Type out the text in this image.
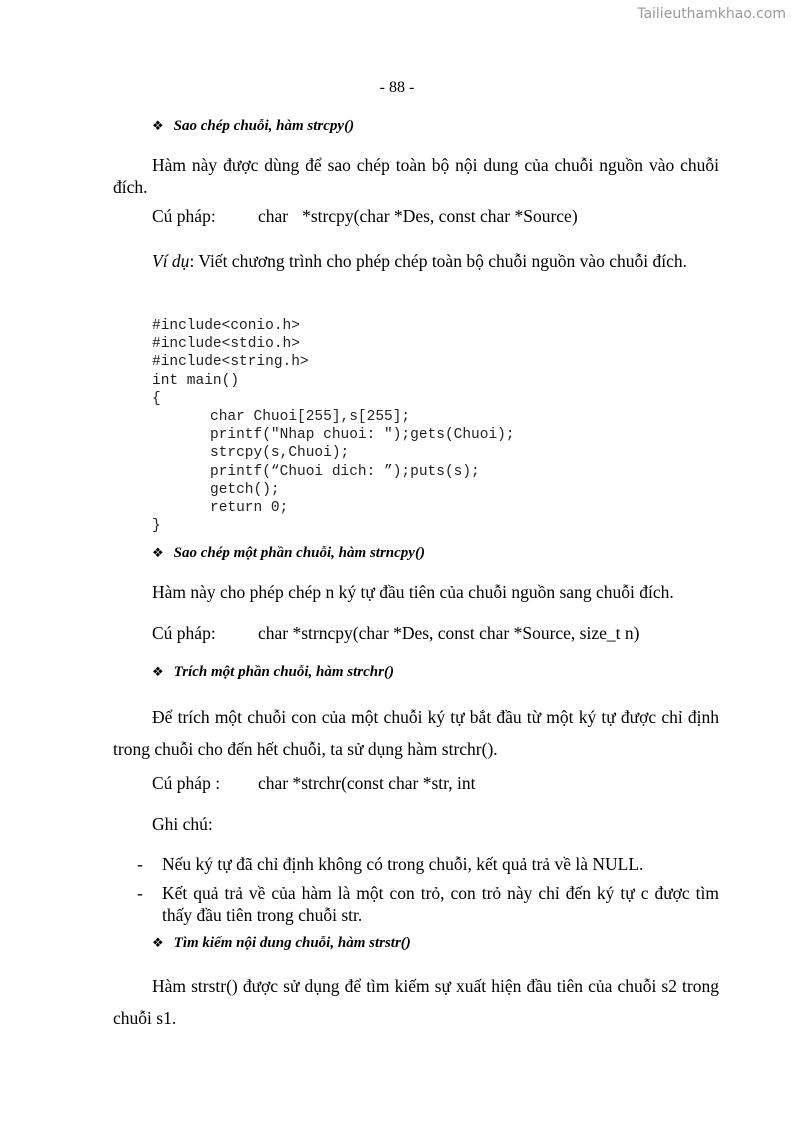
Tailieuthamkhao.com
- 88 -
❖ Sao chép chuỗi, hàm strcpy()
Hàm này được dùng để sao chép toàn bộ nội dung của chuỗi nguồn vào chuỗi đích.
Cú pháp: char *strcpy(char *Des, const char *Source)
Ví dụ: Viết chương trình cho phép chép toàn bộ chuỗi nguồn vào chuỗi đích.
#include<conio.h>
#include<stdio.h>
#include<string.h>
int main()
{
char Chuoi[255],s[255];
printf("Nhap chuoi: ");gets(Chuoi);
strcpy(s,Chuoi);
printf(“Chuoi dich: ”);puts(s);
getch();
return 0;
}
❖ Sao chép một phần chuỗi, hàm strncpy()
Hàm này cho phép chép n ký tự đầu tiên của chuỗi nguồn sang chuỗi đích.
Cú pháp: char *strncpy(char *Des, const char *Source, size_t n)
❖ Trích một phần chuỗi, hàm strchr()
Để trích một chuỗi con của một chuỗi ký tự bắt đầu từ một ký tự được chỉ định trong chuỗi cho đến hết chuỗi, ta sử dụng hàm strchr().
Cú pháp : char *strchr(const char *str, int
Ghi chú:
- Nếu ký tự đã chỉ định không có trong chuỗi, kết quả trả về là NULL.
- Kết quả trả về của hàm là một con trỏ, con trỏ này chỉ đến ký tự c được tìm thấy đầu tiên trong chuỗi str.
❖ Tìm kiếm nội dung chuỗi, hàm strstr()
Hàm strstr() được sử dụng để tìm kiếm sự xuất hiện đầu tiên của chuỗi s2 trong chuỗi s1.
